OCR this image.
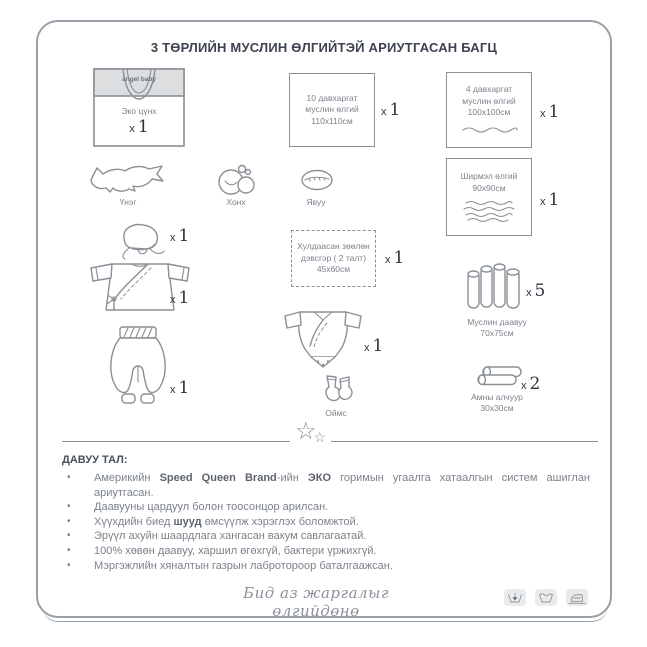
3 ТӨРЛИЙН МУСЛИН ӨЛГИЙТЭЙ АРИУТГАСАН БАГЦ
angel baby
Эко цүнх
x 1
10 давхаргат
муслин өлгий
110х110см
x 1
4 давхаргат
муслин өлгий
100х100см	x 1
Үнэг	Хонх	Явуу
Ширмэл өлгий
90х90см
x 1
x 1
Хулдаасан зөөлөн
дэвсгэр ( 2 талт)
45х60см
x 1
x 1	x 5
Муслин даавуу
70х75см
x 1
x 1
Оймс
x 2
Амны алчуур
30х30см
☆
☆
ДАВУУ ТАЛ:
•	Америкийн Speed Queen Brand-ийн ЭКО горимын угаалга хатаалгын систем ашиглан
ариутгасан.
•	Даавууны цардуул болон тоосонцор арилсан.
•	Хүүхдийн биед шууд өмсүүлж хэрэглэх боломжтой.
•	Эрүүл ахуйн шаардлага хангасан вакум савлагаатай.
•	100% хөвөн даавуу, харшил өгөхгүй, бактери үржихгүй.
•	Мэргэжлийн хяналтын газрын лабротороор баталгаажсан.
Бид аз жаргалыг өлгийдөнө
